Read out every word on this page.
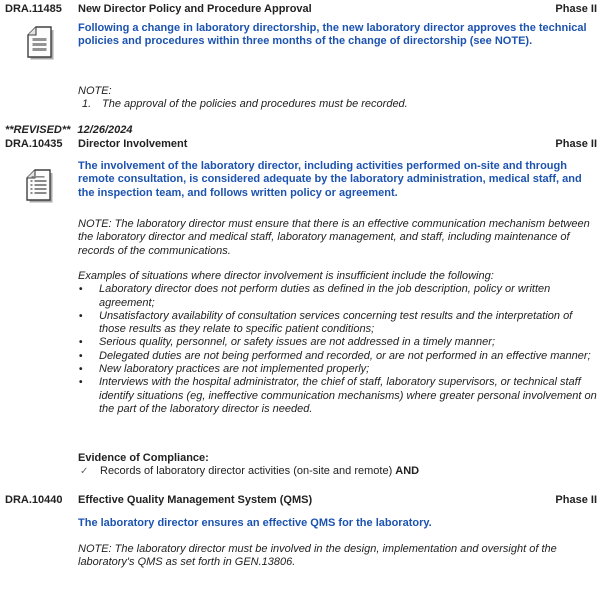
DRA.11485 New Director Policy and Procedure Approval	Phase II
Following a change in laboratory directorship, the new laboratory director approves the technical policies and procedures within three months of the change of directorship (see NOTE).
NOTE:
1. The approval of the policies and procedures must be recorded.
**REVISED** 12/26/2024
DRA.10435 Director Involvement	Phase II
The involvement of the laboratory director, including activities performed on-site and through remote consultation, is considered adequate by the laboratory administration, medical staff, and the inspection team, and follows written policy or agreement.
NOTE: The laboratory director must ensure that there is an effective communication mechanism between the laboratory director and medical staff, laboratory management, and staff, including maintenance of records of the communications.
Examples of situations where director involvement is insufficient include the following:
•	Laboratory director does not perform duties as defined in the job description, policy or written agreement;
•	Unsatisfactory availability of consultation services concerning test results and the interpretation of those results as they relate to specific patient conditions;
•	Serious quality, personnel, or safety issues are not addressed in a timely manner;
•	Delegated duties are not being performed and recorded, or are not performed in an effective manner;
•	New laboratory practices are not implemented properly;
•	Interviews with the hospital administrator, the chief of staff, laboratory supervisors, or technical staff identify situations (eg, ineffective communication mechanisms) where greater personal involvement on the part of the laboratory director is needed.
Evidence of Compliance:
✓	Records of laboratory director activities (on-site and remote) AND
DRA.10440 Effective Quality Management System (QMS)	Phase II
The laboratory director ensures an effective QMS for the laboratory.
NOTE: The laboratory director must be involved in the design, implementation and oversight of the laboratory's QMS as set forth in GEN.13806.
